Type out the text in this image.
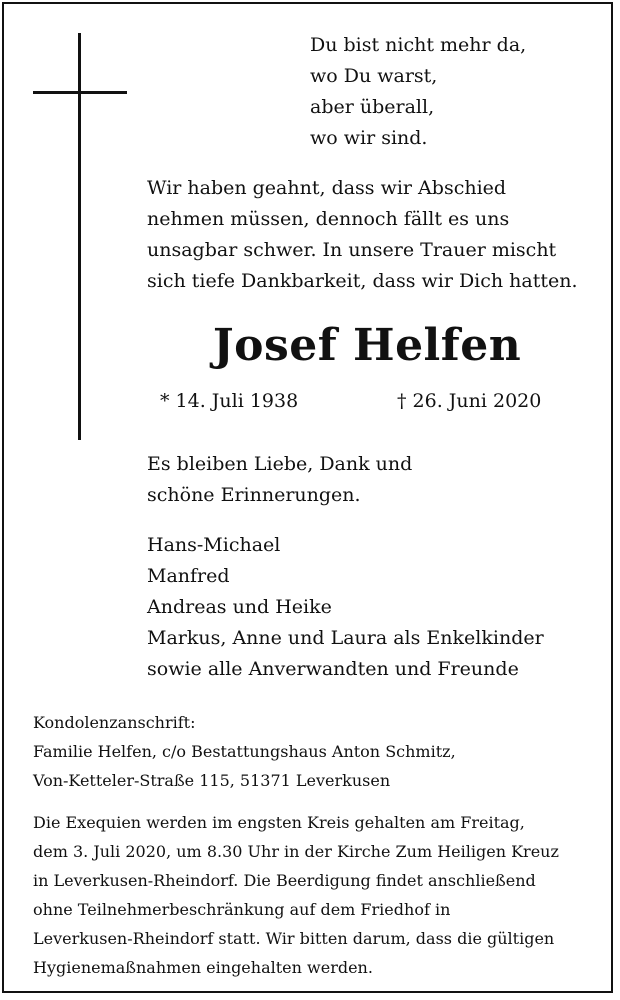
Du bist nicht mehr da,
wo Du warst,
aber überall,
wo wir sind.
Wir haben geahnt, dass wir Abschied
nehmen müssen, dennoch fällt es uns
unsagbar schwer. In unsere Trauer mischt
sich tiefe Dankbarkeit, dass wir Dich hatten.
Josef Helfen
* 14. Juli 1938	† 26. Juni 2020
Es bleiben Liebe, Dank und
schöne Erinnerungen.
Hans-Michael
Manfred
Andreas und Heike
Markus, Anne und Laura als Enkelkinder
sowie alle Anverwandten und Freunde
Kondolenzanschrift:
Familie Helfen, c/o Bestattungshaus Anton Schmitz,
Von-Ketteler-Straße 115, 51371 Leverkusen
Die Exequien werden im engsten Kreis gehalten am Freitag,
dem 3. Juli 2020, um 8.30 Uhr in der Kirche Zum Heiligen Kreuz
in Leverkusen-Rheindorf. Die Beerdigung findet anschließend
ohne Teilnehmerbeschränkung auf dem Friedhof in
Leverkusen-Rheindorf statt. Wir bitten darum, dass die gültigen
Hygienemaßnahmen eingehalten werden.
